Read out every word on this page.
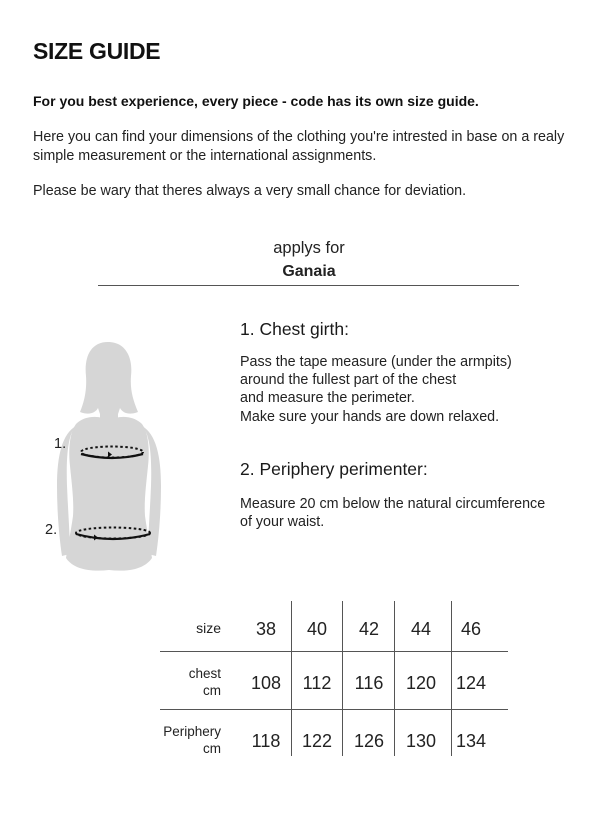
SIZE GUIDE
For you best experience, every piece - code has its own size guide.
Here you can find your dimensions of the clothing you're intrested in base on a realy simple measurement or the international assignments.
Please be wary that theres always a very small chance for deviation.
applys for
Ganaia
1.
2.
1. Chest girth:
Pass the tape measure (under the armpits)
around the fullest part of the chest
and measure the perimeter.
Make sure your hands are down relaxed.
2. Periphery perimenter:
Measure 20 cm below the natural circumference
of your waist.
size	38	40	42	44	46
chest
cm	108	112	116	120	124
Periphery
cm	118	122	126	130	134
